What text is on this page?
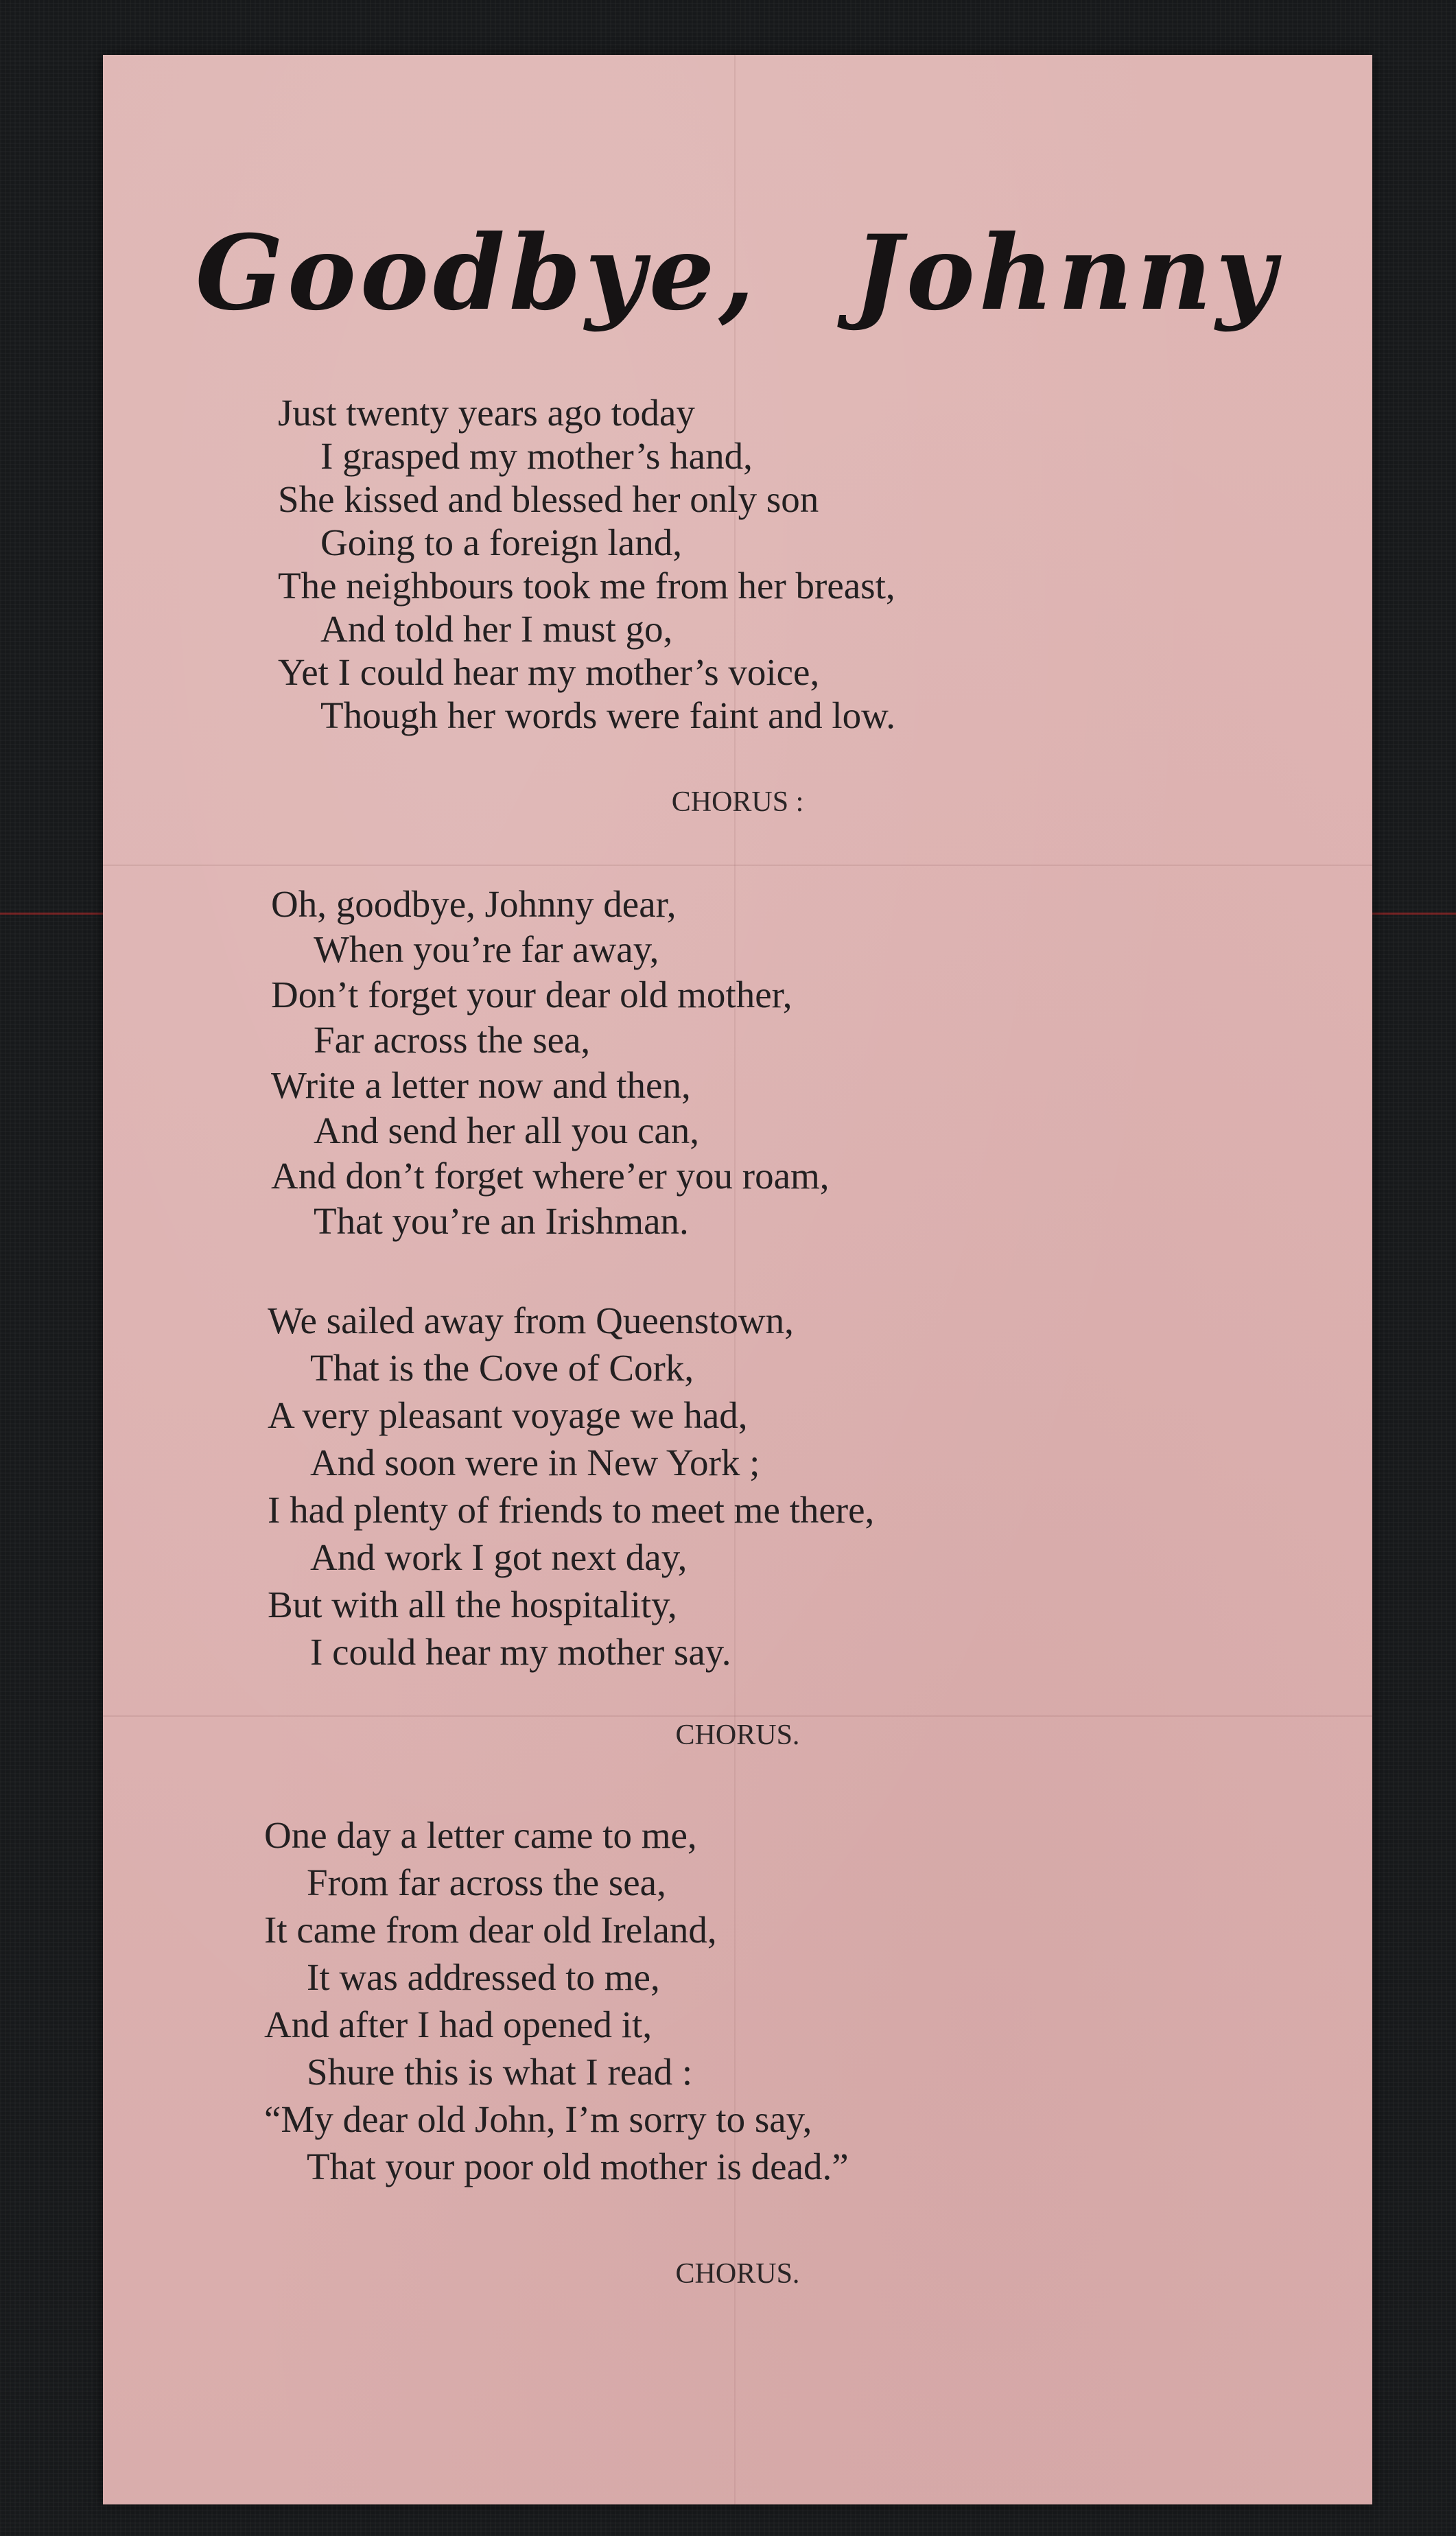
Goodbye, Johnny
Just twenty years ago today
I grasped my mother’s hand,
She kissed and blessed her only son
Going to a foreign land,
The neighbours took me from her breast,
And told her I must go,
Yet I could hear my mother’s voice,
Though her words were faint and low.

CHORUS :

Oh, goodbye, Johnny dear,
When you’re far away,
Don’t forget your dear old mother,
Far across the sea,
Write a letter now and then,
And send her all you can,
And don’t forget where’er you roam,
That you’re an Irishman.
We sailed away from Queenstown,
That is the Cove of Cork,
A very pleasant voyage we had,
And soon were in New York ;
I had plenty of friends to meet me there,
And work I got next day,
But with all the hospitality,
I could hear my mother say.

CHORUS.

One day a letter came to me,
From far across the sea,
It came from dear old Ireland,
It was addressed to me,
And after I had opened it,
Shure this is what I read :
“My dear old John, I’m sorry to say,
That your poor old mother is dead.”

CHORUS.
